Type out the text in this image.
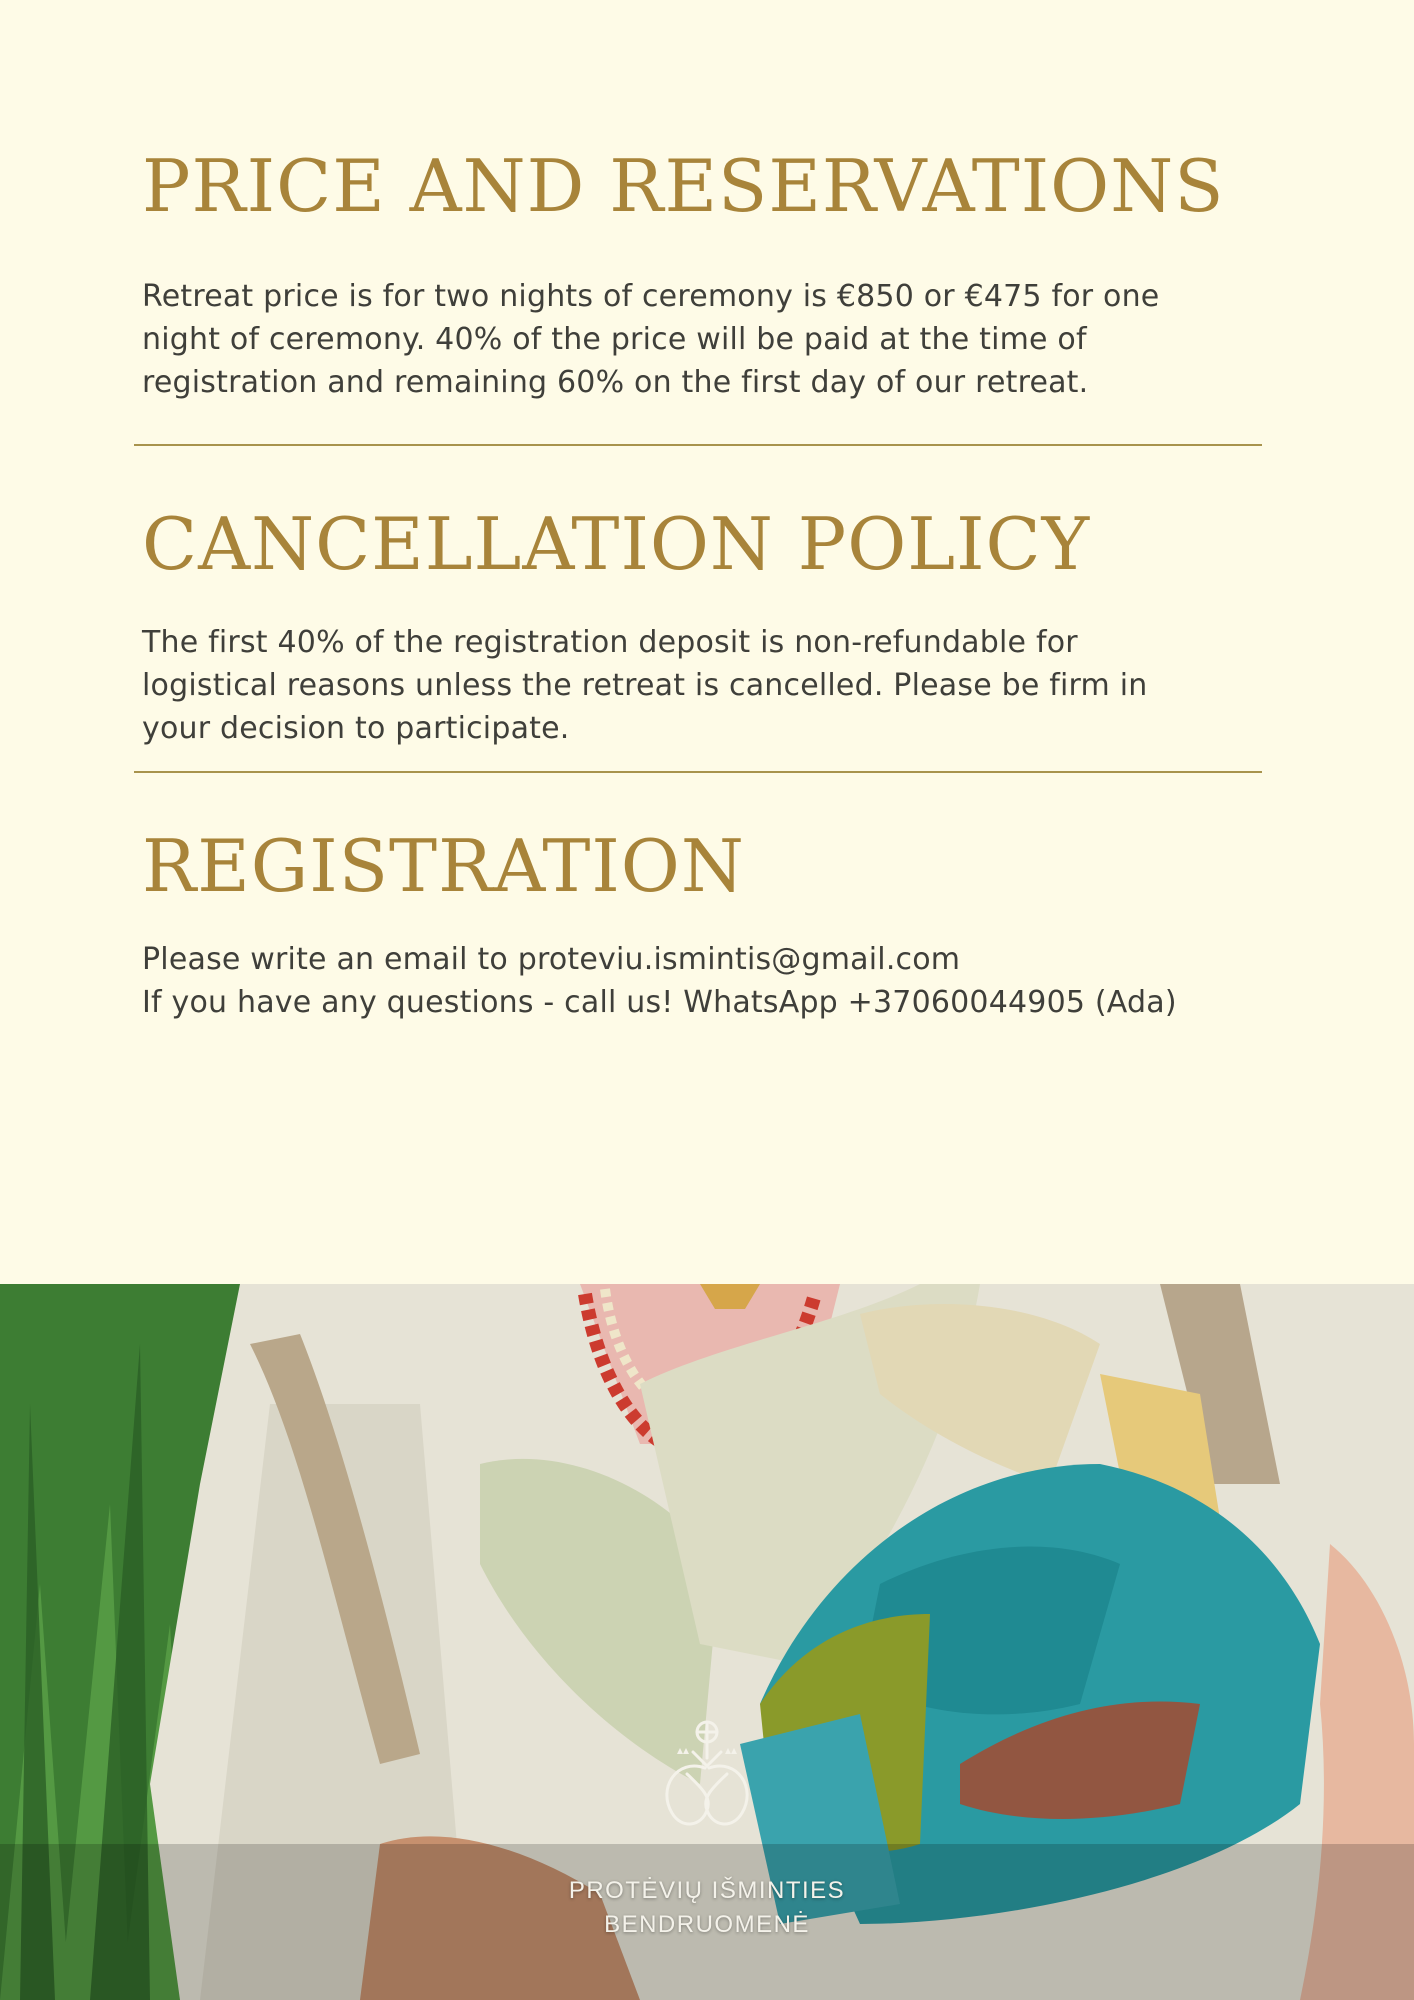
PRICE AND RESERVATIONS

Retreat price is for two nights of ceremony is €850 or €475 for one
night of ceremony. 40% of the price will be paid at the time of
registration and remaining 60% on the first day of our retreat.

CANCELLATION POLICY

The first 40% of the registration deposit is non-refundable for
logistical reasons unless the retreat is cancelled. Please be firm in
your decision to participate.

REGISTRATION

Please write an email to proteviu.ismintis@gmail.com
If you have any questions - call us! WhatsApp +37060044905 (Ada)

PROTĖVIŲ IŠMINTIES
BENDRUOMENĖ
